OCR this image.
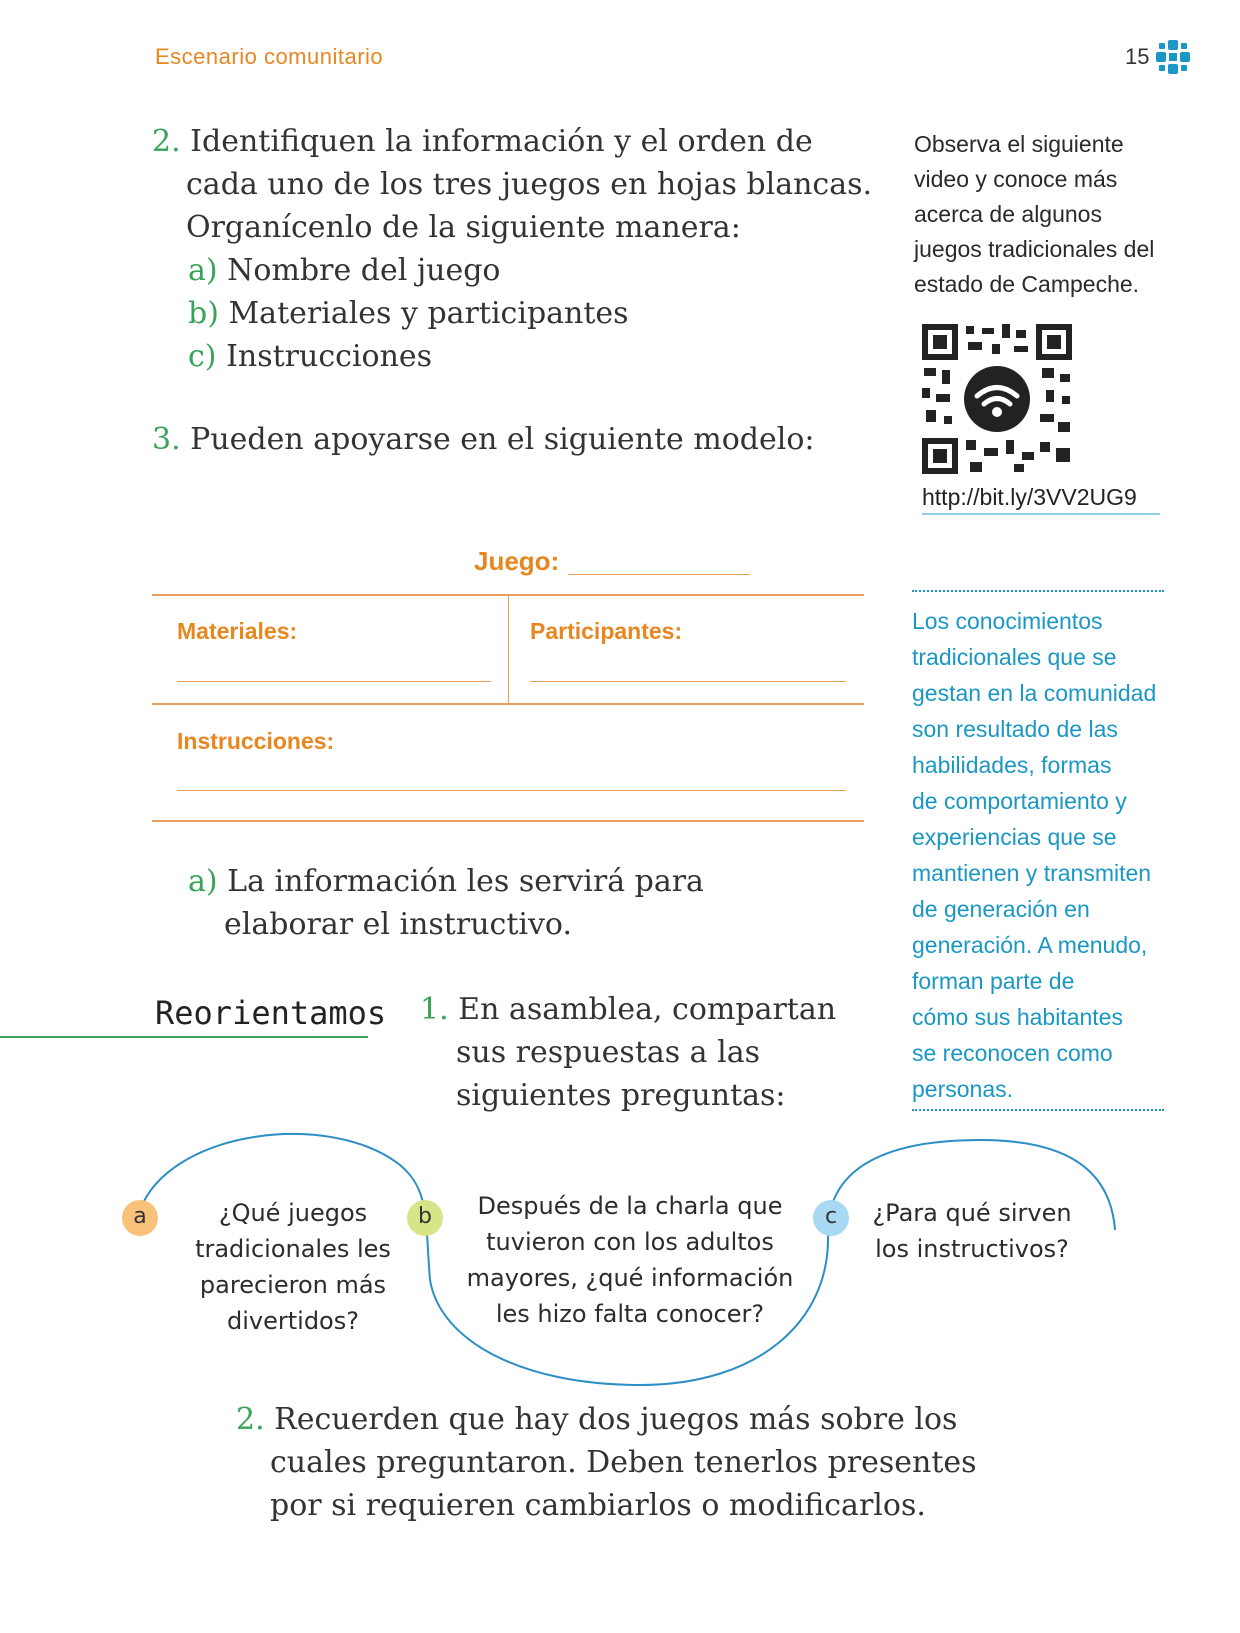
Escenario comunitario	15
2. Identifiquen la información y el orden de
cada uno de los tres juegos en hojas blancas.
Organícenlo de la siguiente manera:
a) Nombre del juego
b) Materiales y participantes
c) Instrucciones
3. Pueden apoyarse en el siguiente modelo:
Observa el siguiente
video y conoce más
acerca de algunos
juegos tradicionales del
estado de Campeche.
http://bit.ly/3VV2UG9
Los conocimientos
tradicionales que se
gestan en la comunidad
son resultado de las
habilidades, formas
de comportamiento y
experiencias que se
mantienen y transmiten
de generación en
generación. A menudo,
forman parte de
cómo sus habitantes
se reconocen como
personas.
Juego:
Materiales:	Participantes:
Instrucciones:
a) La información les servirá para
elaborar el instructivo.
Reorientamos 1. En asamblea, compartan
sus respuestas a las
siguientes preguntas:
a	b	c
¿Qué juegos
tradicionales les
parecieron más
divertidos?
Después de la charla que
tuvieron con los adultos
mayores, ¿qué información
les hizo falta conocer?
¿Para qué sirven
los instructivos?
2. Recuerden que hay dos juegos más sobre los
cuales preguntaron. Deben tenerlos presentes
por si requieren cambiarlos o modificarlos.
